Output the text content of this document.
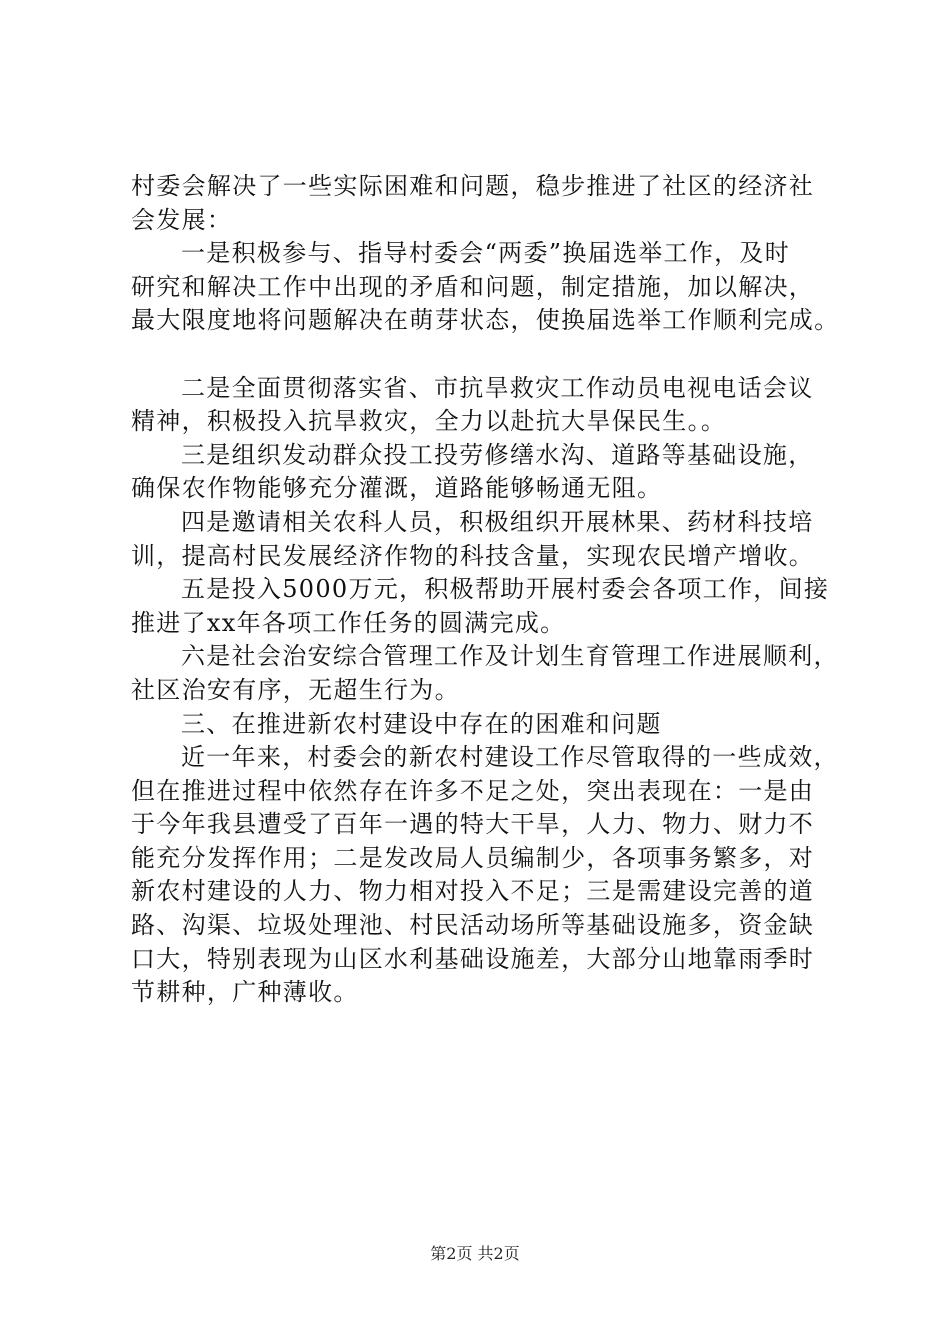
村委会解决了一些实际困难和问题，稳步推进了社区的经济社
会发展：
一是积极参与、指导村委会“两委”换届选举工作，及时
研究和解决工作中出现的矛盾和问题，制定措施，加以解决，
最大限度地将问题解决在萌芽状态，使换届选举工作顺利完成。
二是全面贯彻落实省、市抗旱救灾工作动员电视电话会议
精神，积极投入抗旱救灾，全力以赴抗大旱保民生。。
三是组织发动群众投工投劳修缮水沟、道路等基础设施，
确保农作物能够充分灌溉，道路能够畅通无阻。
四是邀请相关农科人员，积极组织开展林果、药材科技培
训，提高村民发展经济作物的科技含量，实现农民增产增收。
五是投入5000万元，积极帮助开展村委会各项工作，间接
推进了xx年各项工作任务的圆满完成。
六是社会治安综合管理工作及计划生育管理工作进展顺利，
社区治安有序，无超生行为。
三、在推进新农村建设中存在的困难和问题
近一年来，村委会的新农村建设工作尽管取得的一些成效，
但在推进过程中依然存在许多不足之处，突出表现在：一是由
于今年我县遭受了百年一遇的特大干旱，人力、物力、财力不
能充分发挥作用；二是发改局人员编制少，各项事务繁多，对
新农村建设的人力、物力相对投入不足；三是需建设完善的道
路、沟渠、垃圾处理池、村民活动场所等基础设施多，资金缺
口大，特别表现为山区水利基础设施差，大部分山地靠雨季时
节耕种，广种薄收。
第2页 共2页
